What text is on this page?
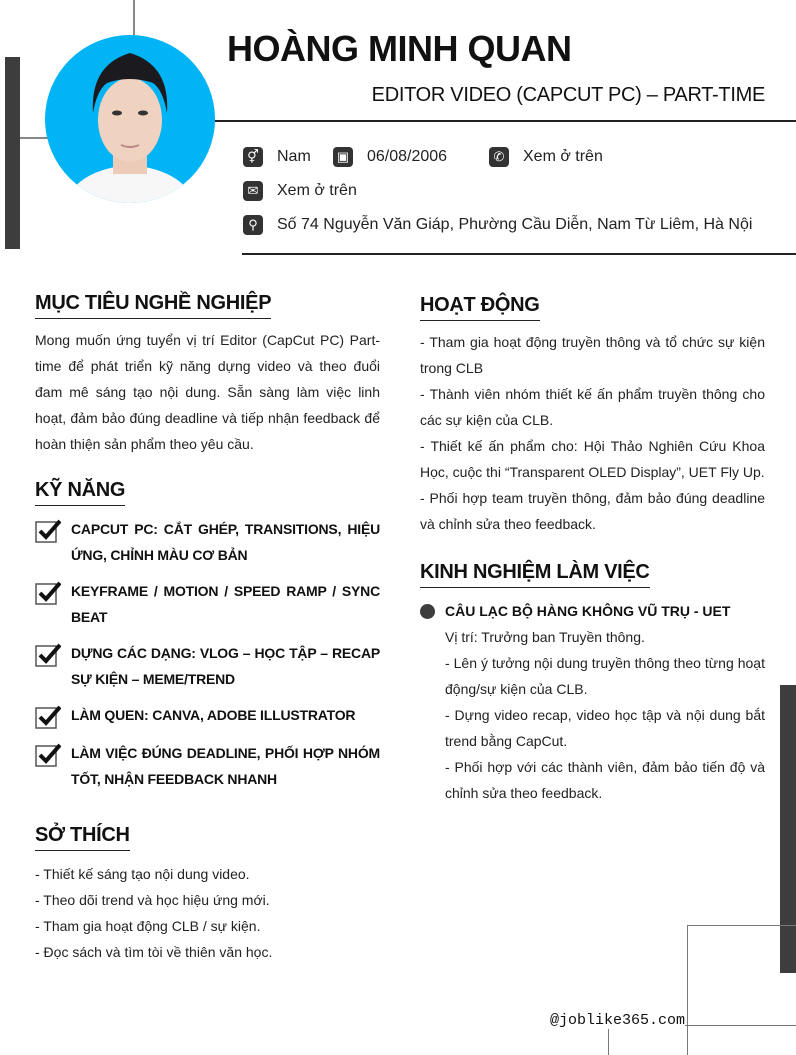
HOÀNG MINH QUAN
EDITOR VIDEO (CAPCUT PC) – PART-TIME
⚥ Nam	▣ 06/08/2006	✆ Xem ở trên
✉ Xem ở trên
⚲	Số 74 Nguyễn Văn Giáp, Phường Cầu Diễn, Nam Từ Liêm, Hà Nội
MỤC TIÊU NGHỀ NGHIỆP

Mong muốn ứng tuyển vị trí Editor (CapCut PC) Part-time để phát triển kỹ năng dựng video và theo đuổi đam mê sáng tạo nội dung. Sẵn sàng làm việc linh hoạt, đảm bảo đúng deadline và tiếp nhận feedback để hoàn thiện sản phẩm theo yêu cầu.

KỸ NĂNG
CAPCUT PC: CẮT GHÉP, TRANSITIONS, HIỆU ỨNG, CHỈNH MÀU CƠ BẢN
KEYFRAME / MOTION / SPEED RAMP / SYNC BEAT
DỰNG CÁC DẠNG: VLOG – HỌC TẬP – RECAP SỰ KIỆN – MEME/TREND
LÀM QUEN: CANVA, ADOBE ILLUSTRATOR
LÀM VIỆC ĐÚNG DEADLINE, PHỐI HỢP NHÓM TỐT, NHẬN FEEDBACK NHANH
SỞ THÍCH
- Thiết kế sáng tạo nội dung video.
- Theo dõi trend và học hiệu ứng mới.
- Tham gia hoạt động CLB / sự kiện.
- Đọc sách và tìm tòi về thiên văn học.
HOẠT ĐỘNG
- Tham gia hoạt động truyền thông và tổ chức sự kiện trong CLB
- Thành viên nhóm thiết kế ấn phẩm truyền thông cho các sự kiện của CLB.
- Thiết kế ấn phẩm cho: Hội Thảo Nghiên Cứu Khoa Học, cuộc thi “Transparent OLED Display”, UET Fly Up.
- Phối hợp team truyền thông, đảm bảo đúng deadline và chỉnh sửa theo feedback.
KINH NGHIỆM LÀM VIỆC
CÂU LẠC BỘ HÀNG KHÔNG VŨ TRỤ - UET
Vị trí: Trưởng ban Truyền thông.
- Lên ý tưởng nội dung truyền thông theo từng hoạt động/sự kiện của CLB.
- Dựng video recap, video học tập và nội dung bắt trend bằng CapCut.
- Phối hợp với các thành viên, đảm bảo tiến độ và chỉnh sửa theo feedback.
@joblike365.com
